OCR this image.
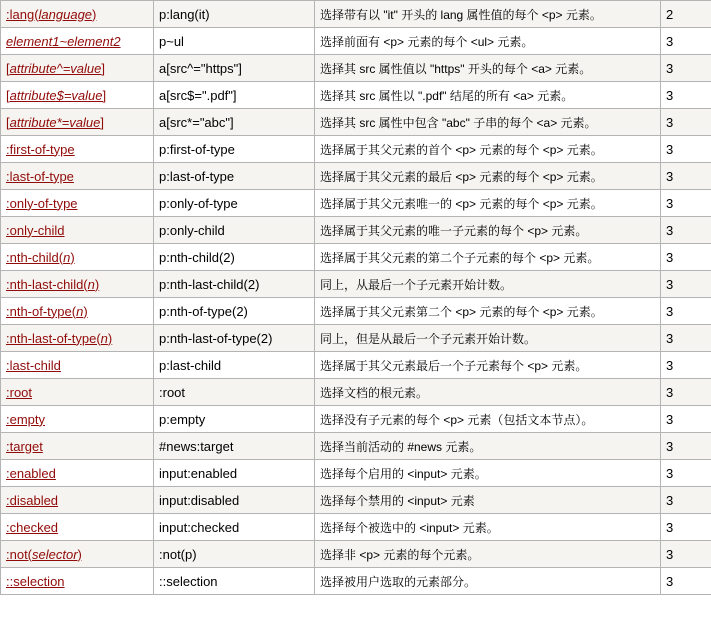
:lang(language)	p:lang(it)	选择带有以 "it" 开头的 lang 属性值的每个 <p> 元素。	2
element1~element2	p~ul	选择前面有 <p> 元素的每个 <ul> 元素。	3
[attribute^=value]	a[src^="https"]	选择其 src 属性值以 "https" 开头的每个 <a> 元素。	3
[attribute$=value]	a[src$=".pdf"]	选择其 src 属性以 ".pdf" 结尾的所有 <a> 元素。	3
[attribute*=value]	a[src*="abc"]	选择其 src 属性中包含 "abc" 子串的每个 <a> 元素。	3
:first-of-type	p:first-of-type	选择属于其父元素的首个 <p> 元素的每个 <p> 元素。	3
:last-of-type	p:last-of-type	选择属于其父元素的最后 <p> 元素的每个 <p> 元素。	3
:only-of-type	p:only-of-type	选择属于其父元素唯一的 <p> 元素的每个 <p> 元素。	3
:only-child	p:only-child	选择属于其父元素的唯一子元素的每个 <p> 元素。	3
:nth-child(n)	p:nth-child(2)	选择属于其父元素的第二个子元素的每个 <p> 元素。	3
:nth-last-child(n)	p:nth-last-child(2)	同上，从最后一个子元素开始计数。	3
:nth-of-type(n)	p:nth-of-type(2)	选择属于其父元素第二个 <p> 元素的每个 <p> 元素。	3
:nth-last-of-type(n)	p:nth-last-of-type(2)	同上，但是从最后一个子元素开始计数。	3
:last-child	p:last-child	选择属于其父元素最后一个子元素每个 <p> 元素。	3
:root	:root	选择文档的根元素。	3
:empty	p:empty	选择没有子元素的每个 <p> 元素（包括文本节点）。	3
:target	#news:target	选择当前活动的 #news 元素。	3
:enabled	input:enabled	选择每个启用的 <input> 元素。	3
:disabled	input:disabled	选择每个禁用的 <input> 元素	3
:checked	input:checked	选择每个被选中的 <input> 元素。	3
:not(selector)	:not(p)	选择非 <p> 元素的每个元素。	3
::selection	::selection	选择被用户选取的元素部分。	3
